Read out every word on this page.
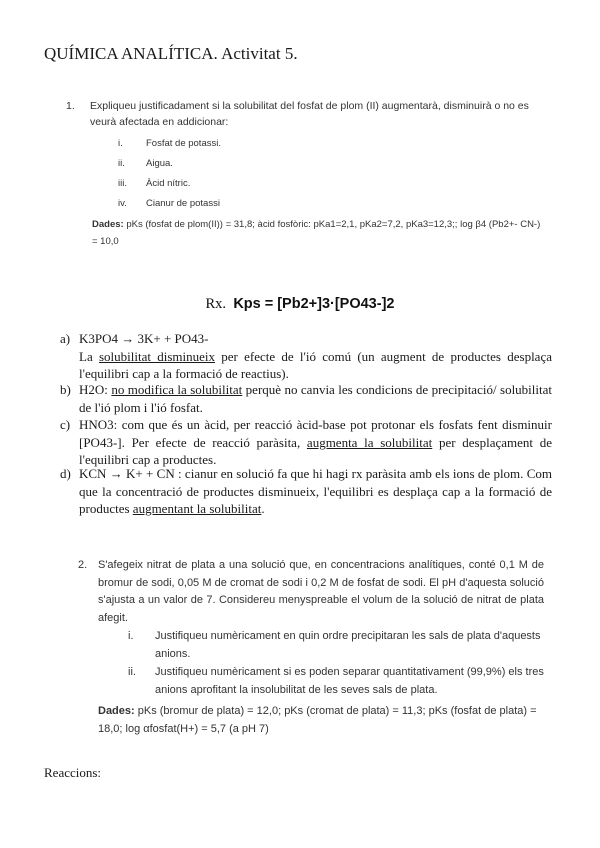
QUÍMICA ANALÍTICA. Activitat 5.
1. Expliqueu justificadament si la solubilitat del fosfat de plom (II) augmentarà, disminuirà o no es veurà afectada en addicionar:
i. Fosfat de potassi.
ii. Aigua.
iii. Àcid nítric.
iv. Cianur de potassi
Dades: pKs (fosfat de plom(II)) = 31,8; àcid fosfòric: pKa1=2,1, pKa2=7,2, pKa3=12,3;; log β4 (Pb2+- CN-) = 10,0
Rx. Kps = [Pb2+]3·[PO43-]2
a) K3PO4 → 3K+ + PO43-
La solubilitat disminueix per efecte de l'ió comú (un augment de productes desplaça l'equilibri cap a la formació de reactius).
b) H2O: no modifica la solubilitat perquè no canvia les condicions de precipitació/ solubilitat de l'ió plom i l'ió fosfat.
c) HNO3: com que és un àcid, per reacció àcid-base pot protonar els fosfats fent disminuir [PO43-]. Per efecte de reacció paràsita, augmenta la solubilitat per desplaçament de l'equilibri cap a productes.
d) KCN → K+ + CN : cianur en solució fa que hi hagi rx paràsita amb els ions de plom. Com que la concentració de productes disminueix, l'equilibri es desplaça cap a la formació de productes augmentant la solubilitat.
2. S'afegeix nitrat de plata a una solució que, en concentracions analítiques, conté 0,1 M de bromur de sodi, 0,05 M de cromat de sodi i 0,2 M de fosfat de sodi. El pH d'aquesta solució s'ajusta a un valor de 7. Considereu menyspreable el volum de la solució de nitrat de plata afegit.
i. Justifiqueu numèricament en quin ordre precipitaran les sals de plata d'aquests anions.
ii. Justifiqueu numèricament si es poden separar quantitativament (99,9%) els tres anions aprofitant la insolubilitat de les seves sals de plata.
Dades: pKs (bromur de plata) = 12,0; pKs (cromat de plata) = 11,3; pKs (fosfat de plata) = 18,0; log αfosfat(H+) = 5,7 (a pH 7)
Reaccions:
